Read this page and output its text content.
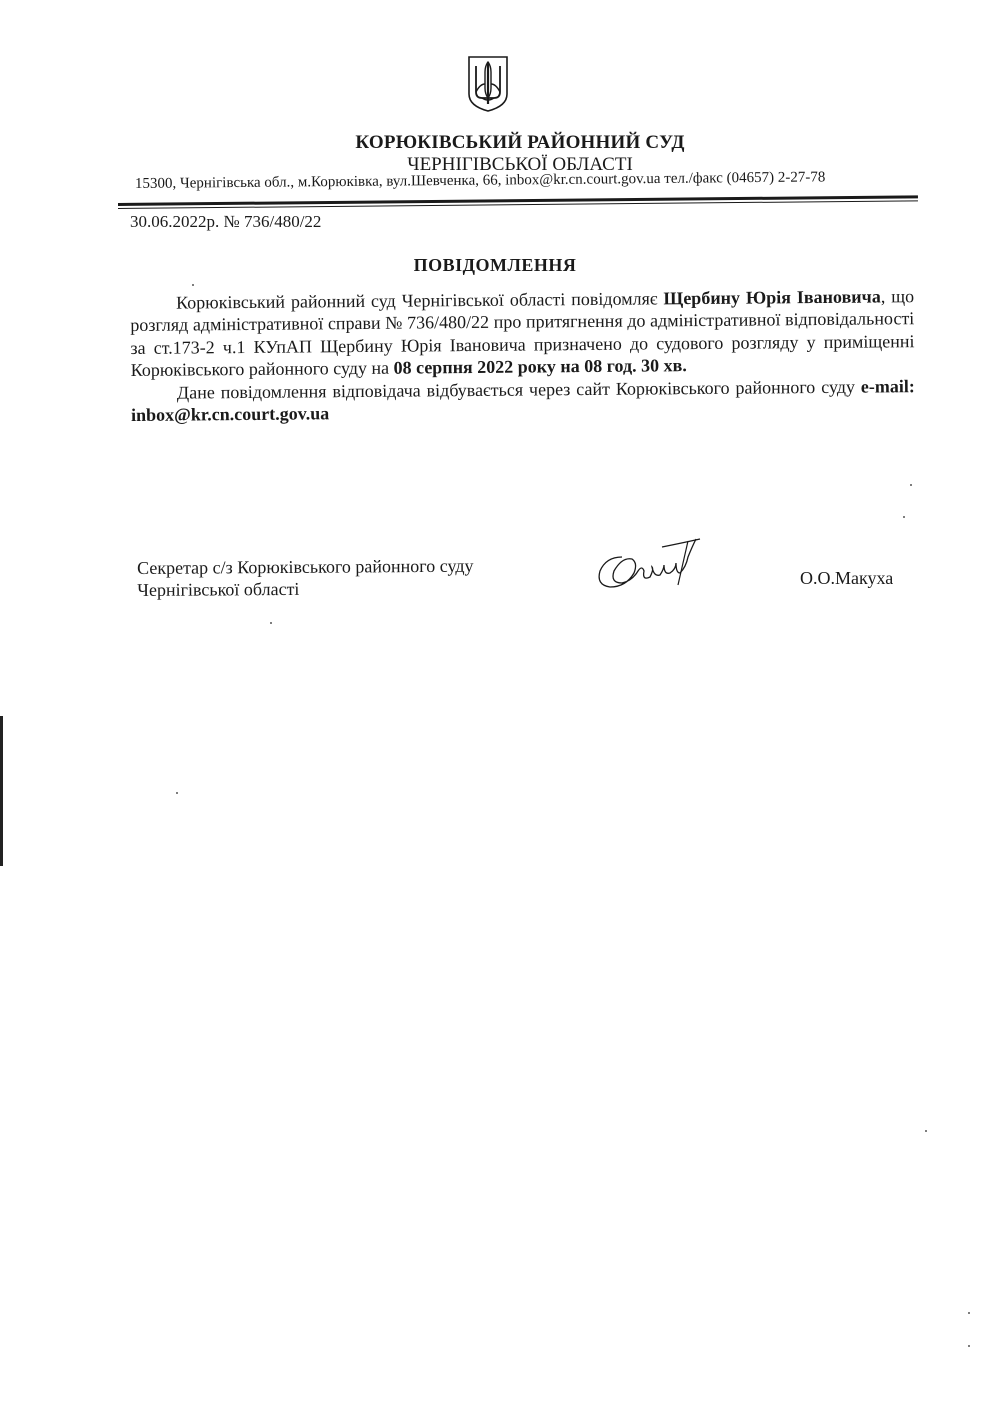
КОРЮКІВСЬКИЙ РАЙОННИЙ СУД
ЧЕРНІГІВСЬКОЇ ОБЛАСТІ
15300, Чернігівська обл., м.Корюківка, вул.Шевченка, 66, inbox@kr.cn.court.gov.ua тел./факс (04657) 2-27-78
30.06.2022р. № 736/480/22
ПОВІДОМЛЕННЯ

Корюківський районний суд Чернігівської області повідомляє Щербину Юрія Івановича, що розгляд адміністративної справи № 736/480/22 про притягнення до адміністративної відповідальності за ст.173-2 ч.1 КУпАП Щербину Юрія Івановича призначено до судового розгляду у приміщенні Корюківського районного суду на 08 серпня 2022 року на 08 год. 30 хв.

Дане повідомлення відповідача відбувається через сайт Корюківського районного суду e-mail: inbox@kr.cn.court.gov.ua

Секретар с/з Корюківського районного суду
Чернігівської області
О.О.Макуха
